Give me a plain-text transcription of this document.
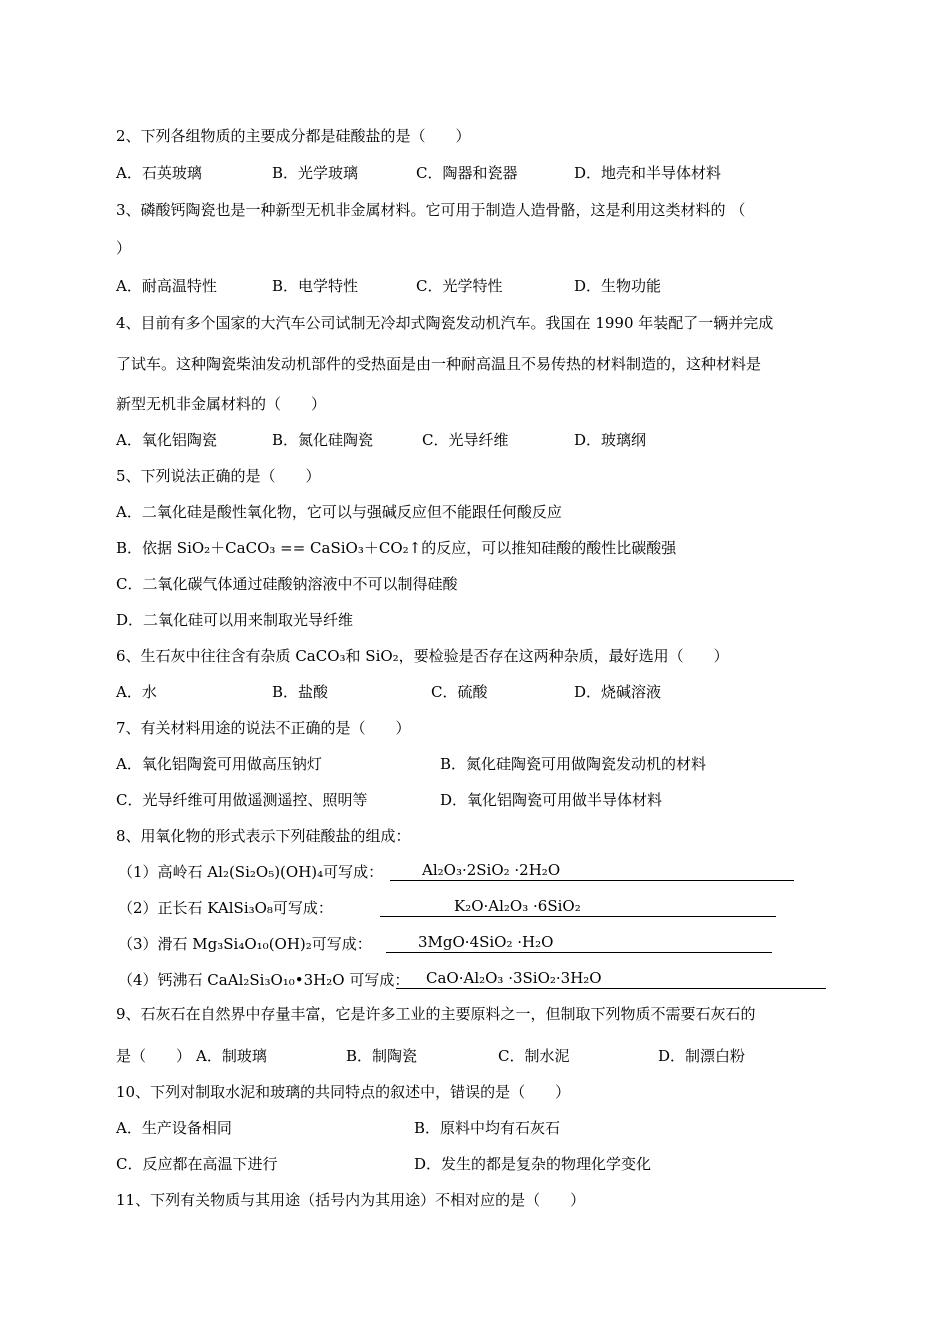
2、下列各组物质的主要成分都是硅酸盐的是（　　）
A．石英玻璃	B．光学玻璃	C．陶器和瓷器	D．地壳和半导体材料
3、磷酸钙陶瓷也是一种新型无机非金属材料。它可用于制造人造骨骼，这是利用这类材料的 （
）
A．耐高温特性	B．电学特性	C．光学特性	D．生物功能
4、目前有多个国家的大汽车公司试制无冷却式陶瓷发动机汽车。我国在 1990 年装配了一辆并完成
了试车。这种陶瓷柴油发动机部件的受热面是由一种耐高温且不易传热的材料制造的，这种材料是
新型无机非金属材料的（　　）
A．氧化铝陶瓷	B．氮化硅陶瓷	C．光导纤维	D．玻璃纲
5、下列说法正确的是（　　）
A．二氧化硅是酸性氧化物，它可以与强碱反应但不能跟任何酸反应
B．依据 SiO₂＋CaCO₃ == CaSiO₃＋CO₂↑的反应，可以推知硅酸的酸性比碳酸强
C．二氧化碳气体通过硅酸钠溶液中不可以制得硅酸
D．二氧化硅可以用来制取光导纤维
6、生石灰中往往含有杂质 CaCO₃和 SiO₂，要检验是否存在这两种杂质，最好选用（　　）
A．水	B．盐酸	C．硫酸	D．烧碱溶液
7、有关材料用途的说法不正确的是（　　）
A．氧化铝陶瓷可用做高压钠灯	B．氮化硅陶瓷可用做陶瓷发动机的材料
C．光导纤维可用做遥测遥控、照明等	D．氧化铝陶瓷可用做半导体材料
8、用氧化物的形式表示下列硅酸盐的组成：
（1）高岭石 Al₂(Si₂O₅)(OH)₄可写成：	Al₂O₃·2SiO₂ ·2H₂O
（2）正长石 KAlSi₃O₈可写成：	K₂O·Al₂O₃ ·6SiO₂
（3）滑石 Mg₃Si₄O₁₀(OH)₂可写成：	3MgO·4SiO₂ ·H₂O
（4）钙沸石 CaAl₂Si₃O₁₀•3H₂O 可写成：	CaO·Al₂O₃ ·3SiO₂·3H₂O
9、石灰石在自然界中存量丰富，它是许多工业的主要原料之一，但制取下列物质不需要石灰石的
是（　　） A．制玻璃	B．制陶瓷	C．制水泥	D．制漂白粉
10、下列对制取水泥和玻璃的共同特点的叙述中，错误的是（　　）
A．生产设备相同	B．原料中均有石灰石
C．反应都在高温下进行	D．发生的都是复杂的物理化学变化
11、下列有关物质与其用途（括号内为其用途）不相对应的是（　　）
